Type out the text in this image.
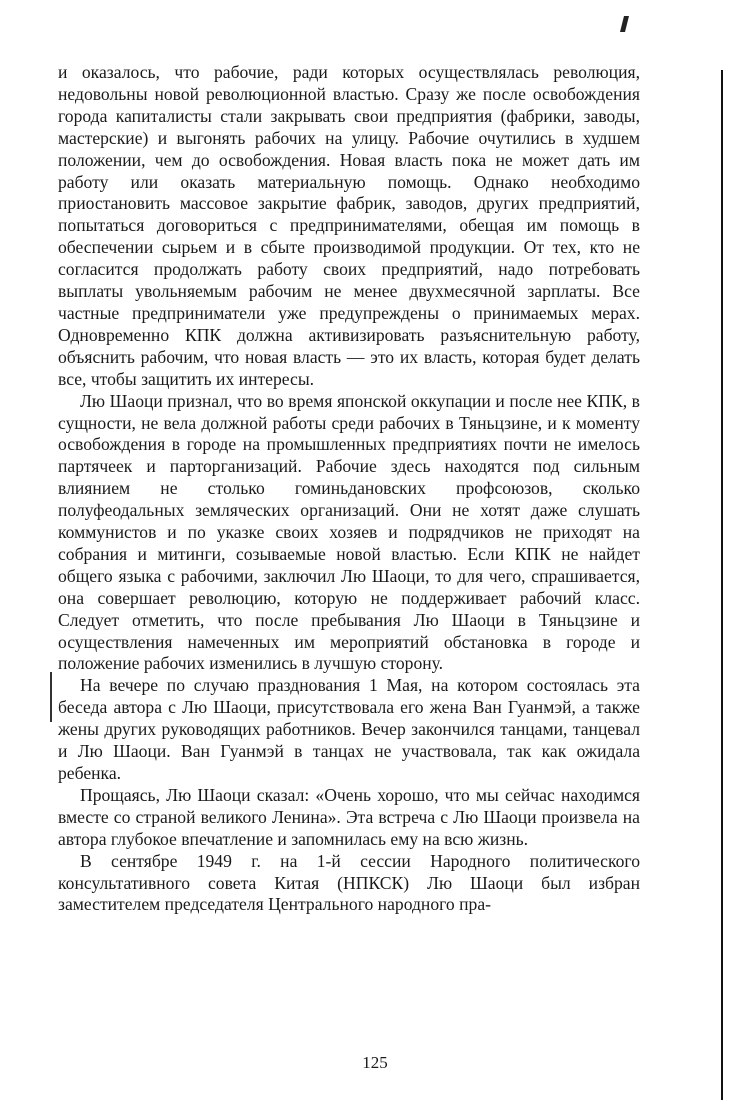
и оказалось, что рабочие, ради которых осуществлялась революция, недовольны новой революционной властью. Сразу же после освобождения города капиталисты стали закрывать свои предприятия (фабрики, заводы, мастерские) и выгонять рабочих на улицу. Рабочие очутились в худшем положении, чем до освобождения. Новая власть пока не может дать им работу или оказать материальную помощь. Однако необходимо приостановить массовое закрытие фабрик, заводов, других предприятий, попытаться договориться с предпринимателями, обещая им помощь в обеспечении сырьем и в сбыте производимой продукции. От тех, кто не согласится продолжать работу своих предприятий, надо потребовать выплаты увольняемым рабочим не менее двухмесячной зарплаты. Все частные предприниматели уже предупреждены о принимаемых мерах. Одновременно КПК должна активизировать разъяснительную работу, объяснить рабочим, что новая власть — это их власть, которая будет делать все, чтобы защитить их интересы.

Лю Шаоци признал, что во время японской оккупации и после нее КПК, в сущности, не вела должной работы среди рабочих в Тяньцзине, и к моменту освобождения в городе на промышленных предприятиях почти не имелось партячеек и парторганизаций. Рабочие здесь находятся под сильным влиянием не столько гоминьдановских профсоюзов, сколько полуфеодальных земляческих организаций. Они не хотят даже слушать коммунистов и по указке своих хозяев и подрядчиков не приходят на собрания и митинги, созываемые новой властью. Если КПК не найдет общего языка с рабочими, заключил Лю Шаоци, то для чего, спрашивается, она совершает революцию, которую не поддерживает рабочий класс. Следует отметить, что после пребывания Лю Шаоци в Тяньцзине и осуществления намеченных им мероприятий обстановка в городе и положение рабочих изменились в лучшую сторону.

На вечере по случаю празднования 1 Мая, на котором состоялась эта беседа автора с Лю Шаоци, присутствовала его жена Ван Гуанмэй, а также жены других руководящих работников. Вечер закончился танцами, танцевал и Лю Шаоци. Ван Гуанмэй в танцах не участвовала, так как ожидала ребенка.

Прощаясь, Лю Шаоци сказал: «Очень хорошо, что мы сейчас находимся вместе со страной великого Ленина». Эта встреча с Лю Шаоци произвела на автора глубокое впечатление и запомнилась ему на всю жизнь.

В сентябре 1949 г. на 1-й сессии Народного политического консультативного совета Китая (НПКСК) Лю Шаоци был избран заместителем председателя Центрального народного пра-

125
